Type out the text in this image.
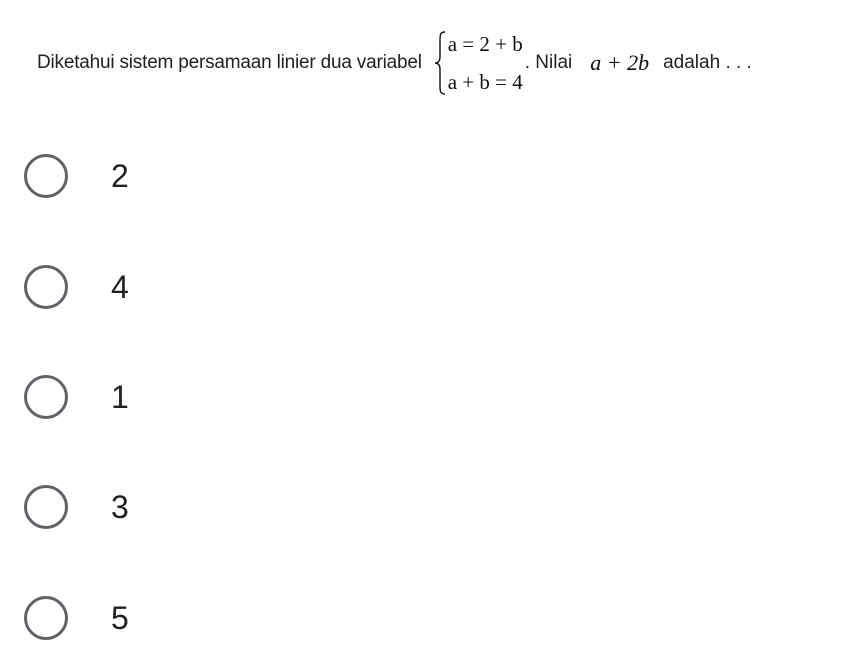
Diketahui sistem persamaan linier dua variabel
a = 2 + b
a + b = 4
. Nilai a + 2b adalah . . .
2
4
1
3
5
